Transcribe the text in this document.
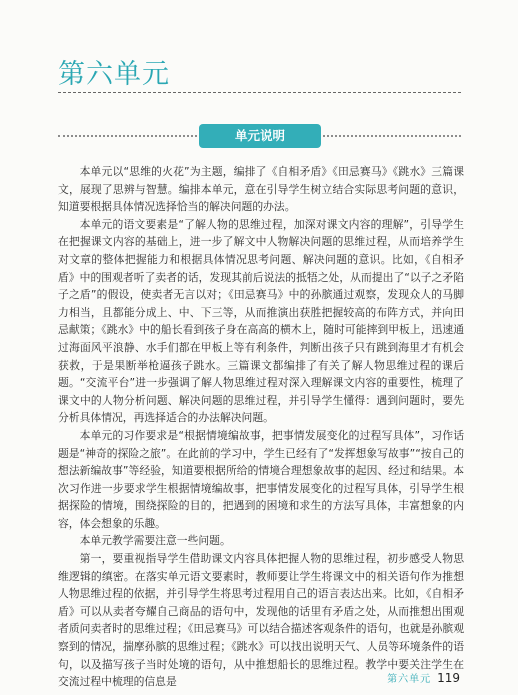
第六单元
单元说明

本单元以“思维的火花”为主题，编排了《自相矛盾》《田忌赛马》《跳水》三篇课文，展现了思辨与智慧。编排本单元，意在引导学生树立结合实际思考问题的意识，知道要根据具体情况选择恰当的解决问题的办法。

本单元的语文要素是“了解人物的思维过程，加深对课文内容的理解”，引导学生在把握课文内容的基础上，进一步了解文中人物解决问题的思维过程，从而培养学生对文章的整体把握能力和根据具体情况思考问题、解决问题的意识。比如，《自相矛盾》中的围观者听了卖者的话，发现其前后说法的抵牾之处，从而提出了“以子之矛陷子之盾”的假设，使卖者无言以对；《田忌赛马》中的孙膑通过观察，发现众人的马脚力相当，且都能分成上、中、下三等，从而推演出获胜把握较高的布阵方式，并向田忌献策；《跳水》中的船长看到孩子身在高高的横木上，随时可能摔到甲板上，迅速通过海面风平浪静、水手们都在甲板上等有利条件，判断出孩子只有跳到海里才有机会获救，于是果断举枪逼孩子跳水。三篇课文都编排了有关了解人物思维过程的课后题。“交流平台”进一步强调了解人物思维过程对深入理解课文内容的重要性，梳理了课文中的人物分析问题、解决问题的思维过程，并引导学生懂得：遇到问题时，要先分析具体情况，再选择适合的办法解决问题。

本单元的习作要求是“根据情境编故事，把事情发展变化的过程写具体”，习作话题是“神奇的探险之旅”。在此前的学习中，学生已经有了“发挥想象写故事”“按自己的想法新编故事”等经验，知道要根据所给的情境合理想象故事的起因、经过和结果。本次习作进一步要求学生根据情境编故事，把事情发展变化的过程写具体，引导学生根据探险的情境，围绕探险的目的，把遇到的困境和求生的方法写具体，丰富想象的内容，体会想象的乐趣。

本单元教学需要注意一些问题。

第一，要重视指导学生借助课文内容具体把握人物的思维过程，初步感受人物思维逻辑的缜密。在落实单元语文要素时，教师要让学生将课文中的相关语句作为推想人物思维过程的依据，并引导学生将思考过程用自己的语言表达出来。比如，《自相矛盾》可以从卖者夸耀自己商品的语句中，发现他的话里有矛盾之处，从而推想出围观者质问卖者时的思维过程；《田忌赛马》可以结合描述客观条件的语句，也就是孙膑观察到的情况，揣摩孙膑的思维过程；《跳水》可以找出说明天气、人员等环境条件的语句，以及描写孩子当时处境的语句，从中推想船长的思维过程。教学中要关注学生在交流过程中梳理的信息是	第六单元 119
